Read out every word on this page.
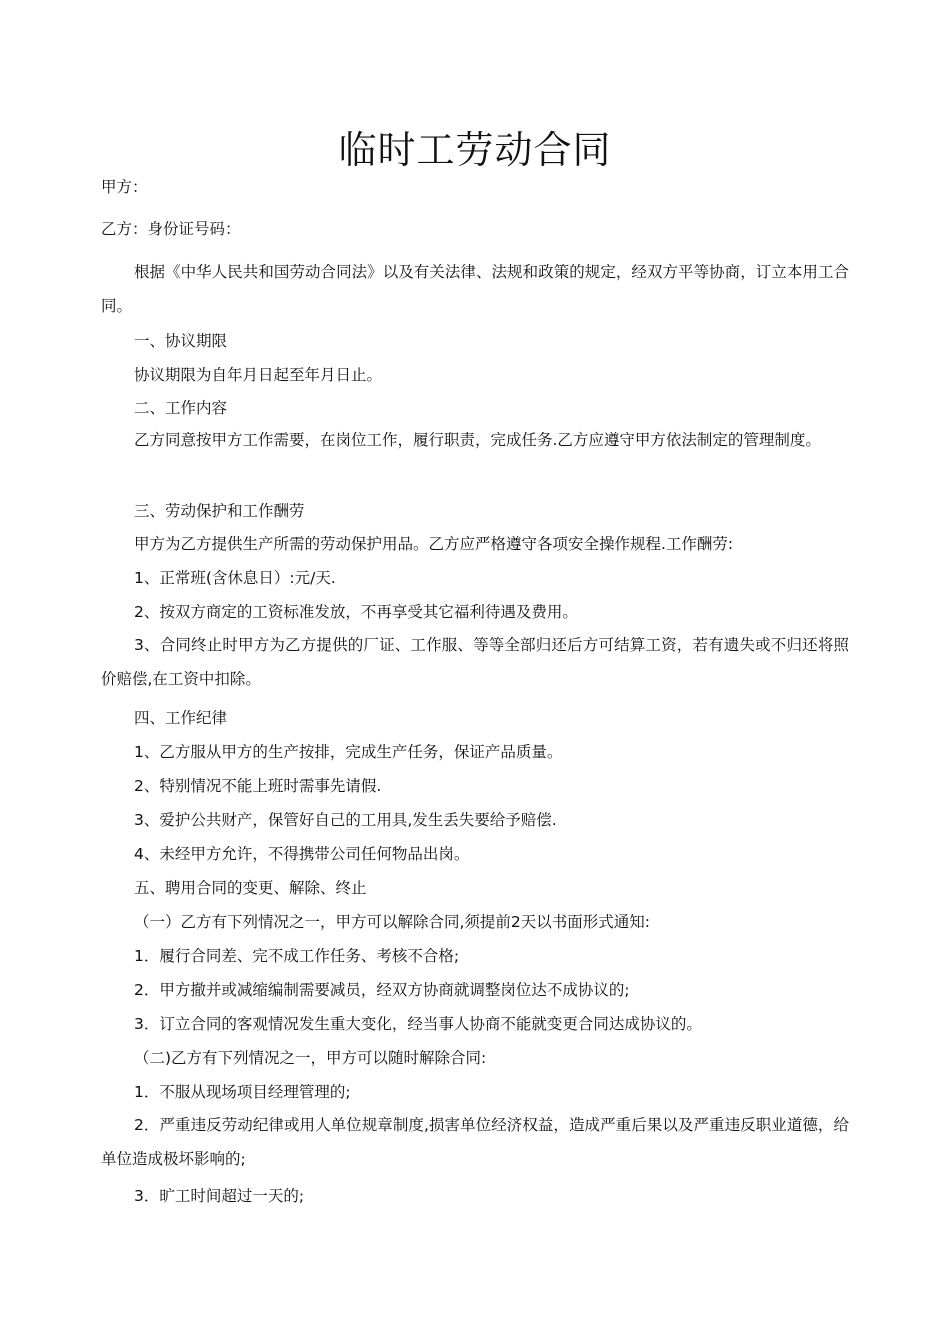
临时工劳动合同
甲方：
乙方：身份证号码：
根据《中华人民共和国劳动合同法》以及有关法律、法规和政策的规定，经双方平等协商，订立本用工合同。
一、协议期限
协议期限为自年月日起至年月日止。
二、工作内容
乙方同意按甲方工作需要，在岗位工作，履行职责，完成任务.乙方应遵守甲方依法制定的管理制度。
三、劳动保护和工作酬劳
甲方为乙方提供生产所需的劳动保护用品。乙方应严格遵守各项安全操作规程.工作酬劳:
1、正常班(含休息日）:元/天.
2、按双方商定的工资标准发放，不再享受其它福利待遇及费用。
3、合同终止时甲方为乙方提供的厂证、工作服、等等全部归还后方可结算工资，若有遗失或不归还将照价赔偿,在工资中扣除。
四、工作纪律
1、乙方服从甲方的生产按排，完成生产任务，保证产品质量。
2、特别情况不能上班时需事先请假.
3、爱护公共财产，保管好自己的工用具,发生丢失要给予赔偿.
4、未经甲方允许，不得携带公司任何物品出岗。
五、聘用合同的变更、解除、终止
（一）乙方有下列情况之一，甲方可以解除合同,须提前2天以书面形式通知:
1．履行合同差、完不成工作任务、考核不合格;
2．甲方撤并或减缩编制需要减员，经双方协商就调整岗位达不成协议的;
3．订立合同的客观情况发生重大变化，经当事人协商不能就变更合同达成协议的。
（二)乙方有下列情况之一，甲方可以随时解除合同:
1．不服从现场项目经理管理的;
2．严重违反劳动纪律或用人单位规章制度,损害单位经济权益，造成严重后果以及严重违反职业道德，给单位造成极坏影响的;
3．旷工时间超过一天的;
